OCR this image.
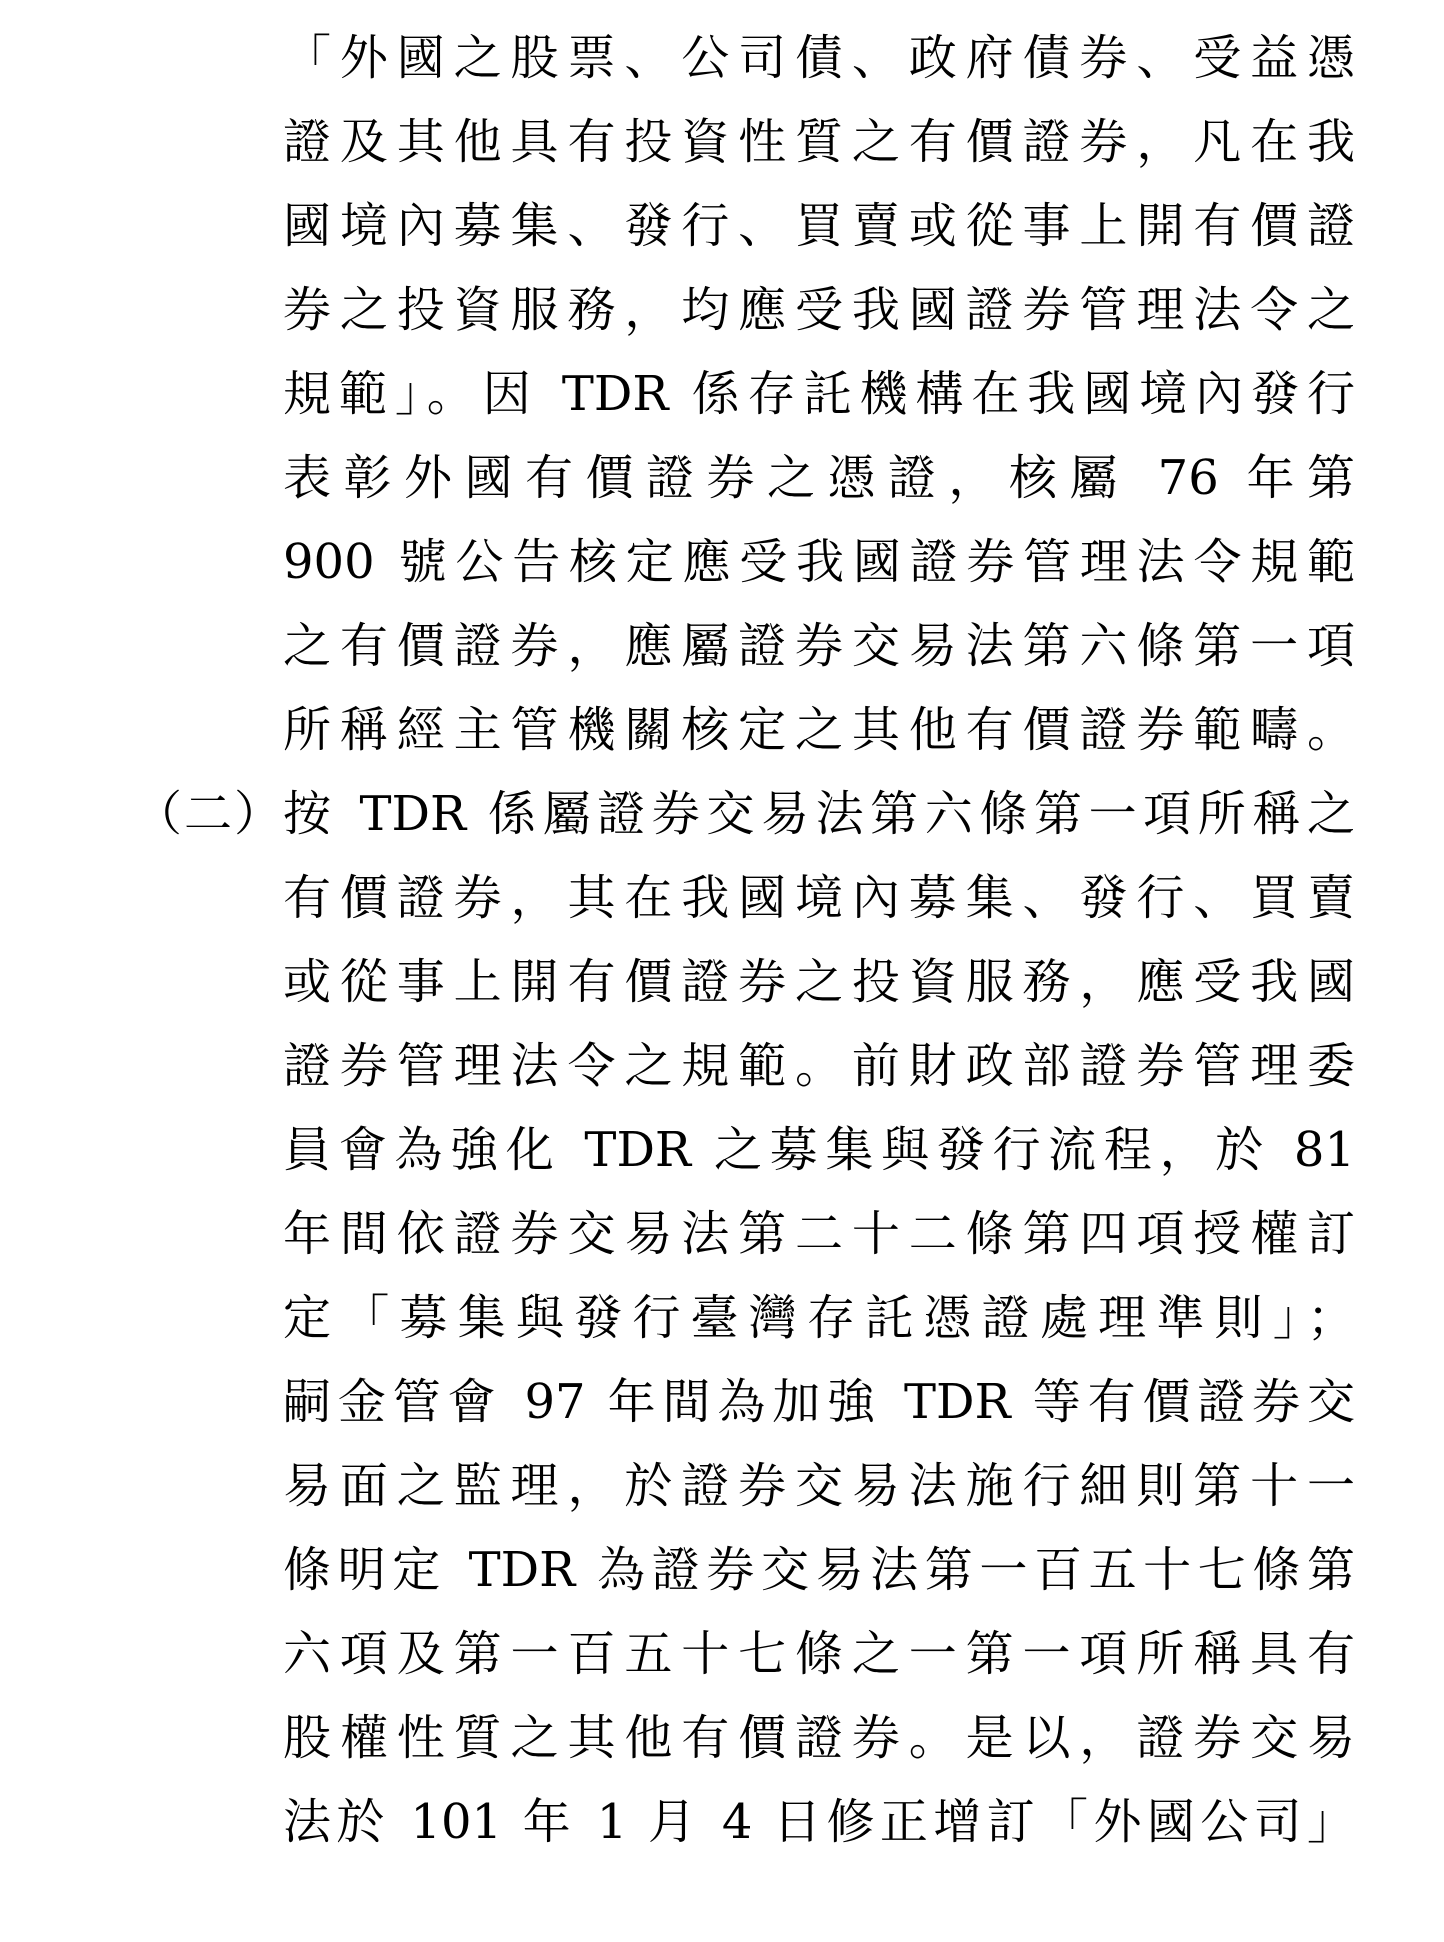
「外國之股票、公司債、政府債券、受益憑
證及其他具有投資性質之有價證券，凡在我
國境內募集、發行、買賣或從事上開有價證
券之投資服務，均應受我國證券管理法令之
規範」。因 TDR 係存託機構在我國境內發行
表彰外國有價證券之憑證，核屬 76 年第
900 號公告核定應受我國證券管理法令規範
之有價證券，應屬證券交易法第六條第一項
所稱經主管機關核定之其他有價證券範疇。
（二）
按 TDR 係屬證券交易法第六條第一項所稱之
有價證券，其在我國境內募集、發行、買賣
或從事上開有價證券之投資服務，應受我國
證券管理法令之規範。前財政部證券管理委
員會為強化 TDR 之募集與發行流程，於 81
年間依證券交易法第二十二條第四項授權訂
定「募集與發行臺灣存託憑證處理準則」；
嗣金管會 97 年間為加強 TDR 等有價證券交
易面之監理，於證券交易法施行細則第十一
條明定 TDR 為證券交易法第一百五十七條第
六項及第一百五十七條之一第一項所稱具有
股權性質之其他有價證券。是以，證券交易
法於 101 年 1 月 4 日修正增訂「外國公司」
